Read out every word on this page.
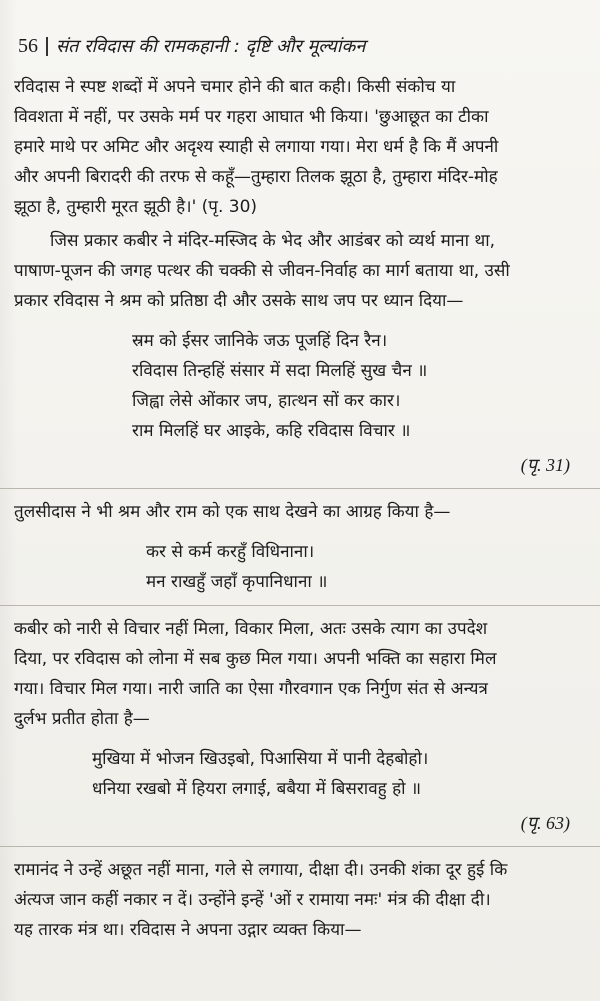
56 संत रविदास की रामकहानी : दृष्टि और मूल्यांकन
रविदास ने स्पष्ट शब्दों में अपने चमार होने की बात कही। किसी संकोच या
विवशता में नहीं, पर उसके मर्म पर गहरा आघात भी किया। 'छुआछूत का टीका
हमारे माथे पर अमिट और अदृश्य स्याही से लगाया गया। मेरा धर्म है कि मैं अपनी
और अपनी बिरादरी की तरफ से कहूँ—तुम्हारा तिलक झूठा है, तुम्हारा मंदिर-मोह
झूठा है, तुम्हारी मूरत झूठी है।' (पृ. 30)
जिस प्रकार कबीर ने मंदिर-मस्जिद के भेद और आडंबर को व्यर्थ माना था,
पाषाण-पूजन की जगह पत्थर की चक्की से जीवन-निर्वाह का मार्ग बताया था, उसी
प्रकार रविदास ने श्रम को प्रतिष्ठा दी और उसके साथ जप पर ध्यान दिया—
स्रम को ईसर जानिके जऊ पूजहिं दिन रैन।
रविदास तिन्हहिं संसार में सदा मिलहिं सुख चैन ॥
जिह्वा लेसे ओंकार जप, हात्थन सों कर कार।
राम मिलहिं घर आइके, कहि रविदास विचार ॥
(पृ. 31)
तुलसीदास ने भी श्रम और राम को एक साथ देखने का आग्रह किया है—
कर से कर्म करहुँ विधिनाना।
मन राखहुँ जहाँ कृपानिधाना ॥
कबीर को नारी से विचार नहीं मिला, विकार मिला, अतः उसके त्याग का उपदेश
दिया, पर रविदास को लोना में सब कुछ मिल गया। अपनी भक्ति का सहारा मिल
गया। विचार मिल गया। नारी जाति का ऐसा गौरवगान एक निर्गुण संत से अन्यत्र
दुर्लभ प्रतीत होता है—
मुखिया में भोजन खिउइबो, पिआसिया में पानी देहबोहो।
धनिया रखबो में हियरा लगाई, बबैया में बिसरावहु हो ॥
(पृ. 63)
रामानंद ने उन्हें अछूत नहीं माना, गले से लगाया, दीक्षा दी। उनकी शंका दूर हुई कि
अंत्यज जान कहीं नकार न दें। उन्होंने इन्हें 'ओं र रामाया नमः' मंत्र की दीक्षा दी।
यह तारक मंत्र था। रविदास ने अपना उद्गार व्यक्त किया—
